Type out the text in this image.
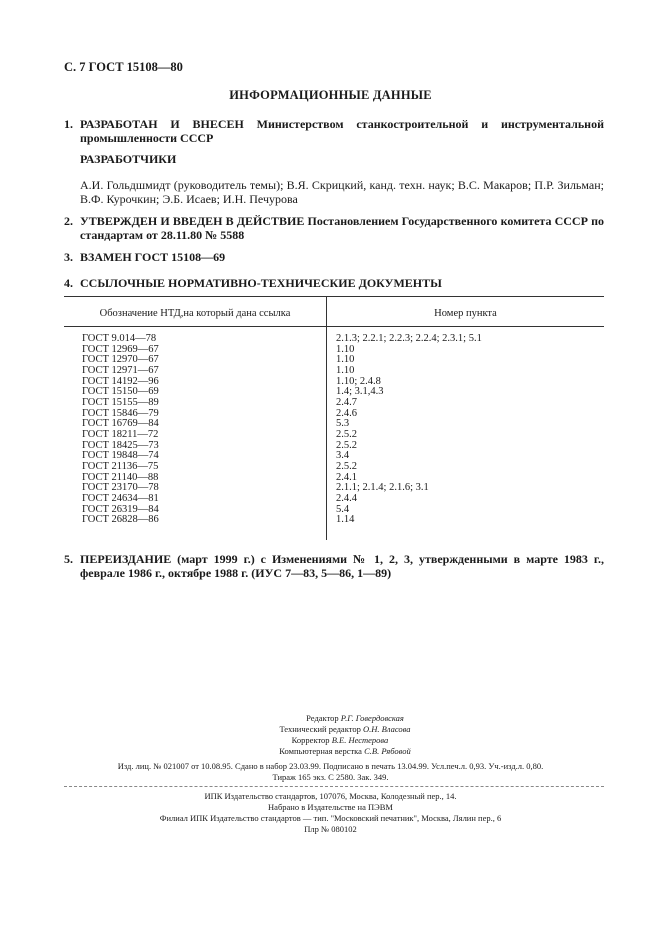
С. 7 ГОСТ 15108—80
ИНФОРМАЦИОННЫЕ ДАННЫЕ
1. РАЗРАБОТАН И ВНЕСЕН Министерством станкостроительной и инструментальной промышленности СССР
РАЗРАБОТЧИКИ
А.И. Гольдшмидт (руководитель темы); В.Я. Скрицкий, канд. техн. наук; В.С. Макаров; П.Р. Зильман; В.Ф. Курочкин; Э.Б. Исаев; И.Н. Печурова
2. УТВЕРЖДЕН И ВВЕДЕН В ДЕЙСТВИЕ Постановлением Государственного комитета СССР по стандартам от 28.11.80 № 5588
3. ВЗАМЕН ГОСТ 15108—69
4. ССЫЛОЧНЫЕ НОРМАТИВНО-ТЕХНИЧЕСКИЕ ДОКУМЕНТЫ
Обозначение НТД,на который дана ссылка	Номер пункта
ГОСТ 9.014—78
ГОСТ 12969—67
ГОСТ 12970—67
ГОСТ 12971—67
ГОСТ 14192—96
ГОСТ 15150—69
ГОСТ 15155—89
ГОСТ 15846—79
ГОСТ 16769—84
ГОСТ 18211—72
ГОСТ 18425—73
ГОСТ 19848—74
ГОСТ 21136—75
ГОСТ 21140—88
ГОСТ 23170—78
ГОСТ 24634—81
ГОСТ 26319—84
ГОСТ 26828—86
2.1.3; 2.2.1; 2.2.3; 2.2.4; 2.3.1; 5.1
1.10
1.10
1.10
1.10; 2.4.8
1.4; 3.1,4.3
2.4.7
2.4.6
5.3
2.5.2
2.5.2
3.4
2.5.2
2.4.1
2.1.1; 2.1.4; 2.1.6; 3.1
2.4.4
5.4
1.14
5. ПЕРЕИЗДАНИЕ (март 1999 г.) с Изменениями № 1, 2, 3, утвержденными в марте 1983 г., феврале 1986 г., октябре 1988 г. (ИУС 7—83, 5—86, 1—89)
Редактор Р.Г. Говердовская
Технический редактор О.Н. Власова
Корректор В.Е. Нестерова
Компьютерная верстка С.В. Рябовой
Изд. лиц. № 021007 от 10.08.95. Сдано в набор 23.03.99. Подписано в печать 13.04.99. Усл.печ.л. 0,93. Уч.-изд.л. 0,80.
Тираж 165 экз. С 2580. Зак. 349.
ИПК Издательство стандартов, 107076, Москва, Колодезный пер., 14.
Набрано в Издательстве на ПЭВМ
Филиал ИПК Издательство стандартов — тип. "Московский печатник", Москва, Лялин пер., 6
Плр № 080102
